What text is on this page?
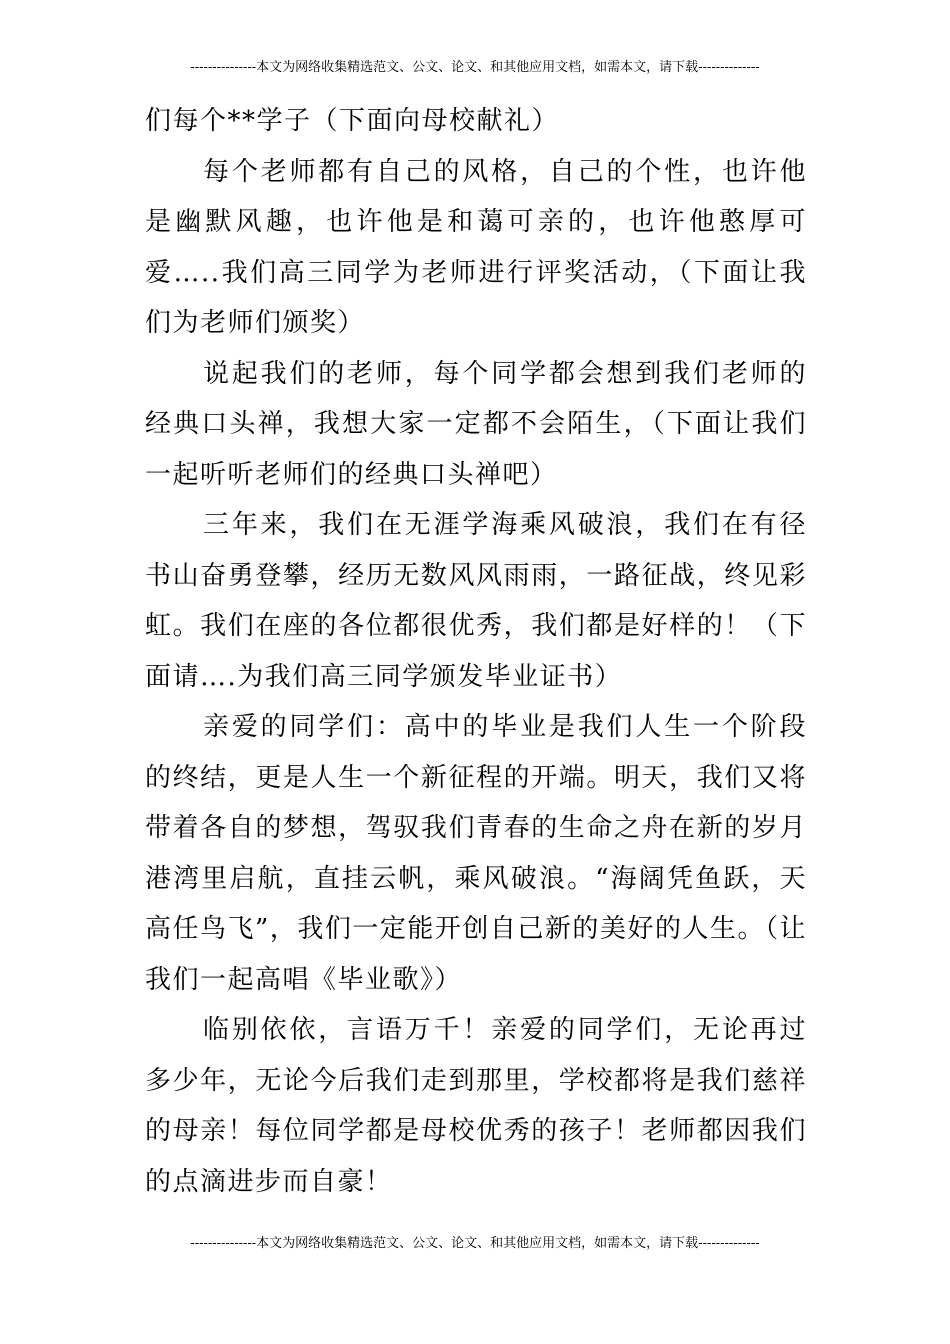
---------------本文为网络收集精选范文、公文、论文、和其他应用文档，如需本文，请下载--------------

们每个**学子（下面向母校献礼）

每个老师都有自己的风格，自己的个性，也许他是幽默风趣，也许他是和蔼可亲的，也许他憨厚可爱…..我们高三同学为老师进行评奖活动，（下面让我们为老师们颁奖）

说起我们的老师，每个同学都会想到我们老师的经典口头禅，我想大家一定都不会陌生，（下面让我们一起听听老师们的经典口头禅吧）

三年来，我们在无涯学海乘风破浪，我们在有径书山奋勇登攀，经历无数风风雨雨，一路征战，终见彩虹。我们在座的各位都很优秀，我们都是好样的！（下面请….为我们高三同学颁发毕业证书）

亲爱的同学们：高中的毕业是我们人生一个阶段的终结，更是人生一个新征程的开端。明天，我们又将带着各自的梦想，驾驭我们青春的生命之舟在新的岁月港湾里启航，直挂云帆，乘风破浪。“海阔凭鱼跃，天高任鸟飞”，我们一定能开创自己新的美好的人生。（让我们一起高唱《毕业歌》）

临别依依，言语万千！亲爱的同学们，无论再过多少年，无论今后我们走到那里，学校都将是我们慈祥的母亲！每位同学都是母校优秀的孩子！老师都因我们的点滴进步而自豪！

---------------本文为网络收集精选范文、公文、论文、和其他应用文档，如需本文，请下载--------------
